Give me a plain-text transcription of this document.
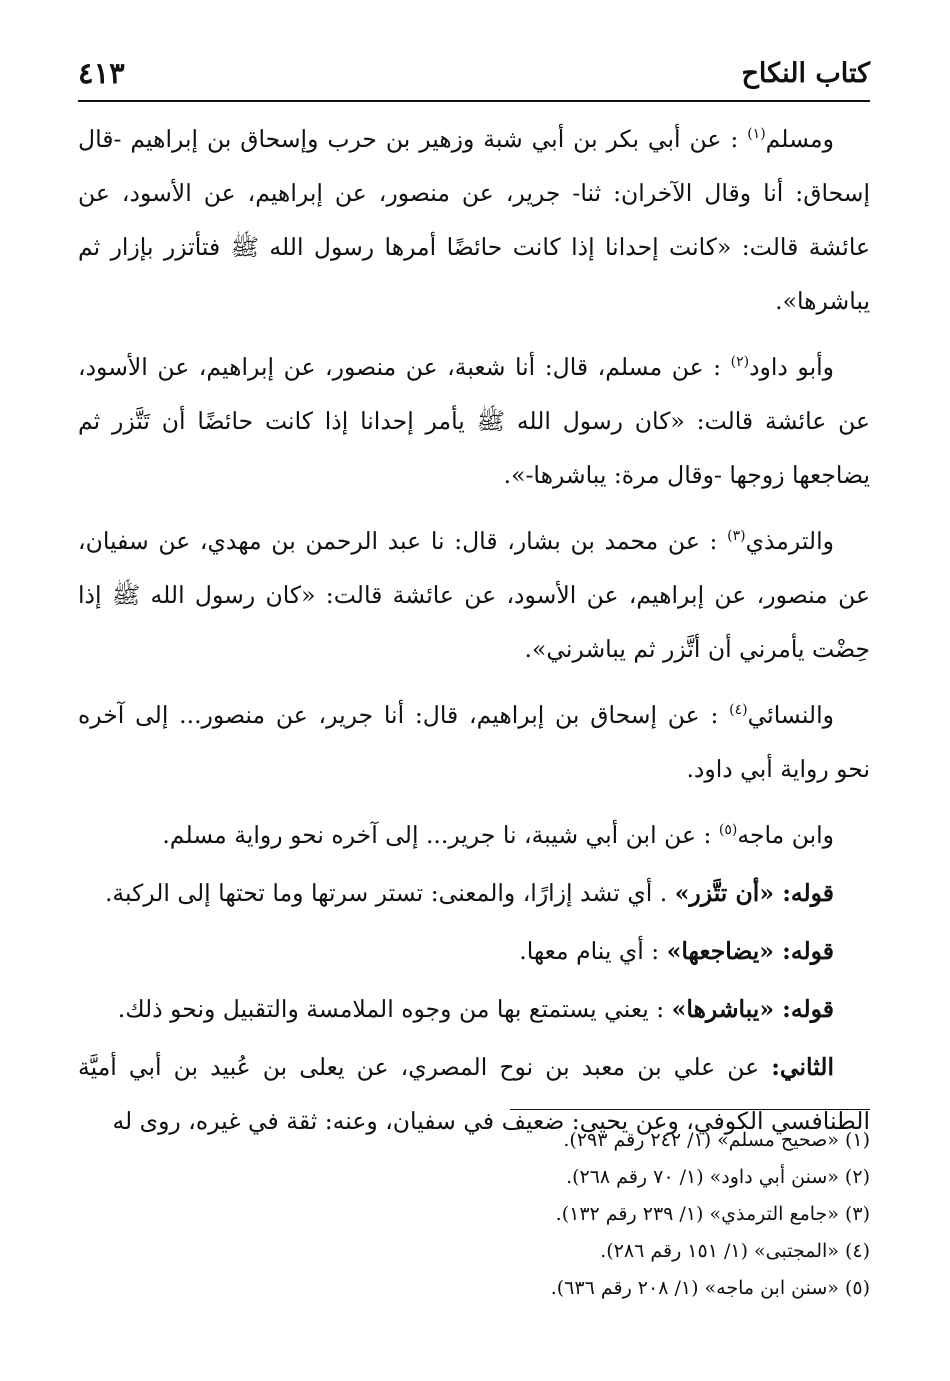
كتاب النكاح
٤١٣

ومسلم$^{(١)}$ : عن أبي بكر بن أبي شبة وزهير بن حرب وإسحاق بن إبراهيم -قال إسحاق: أنا وقال الآخران: ثنا- جرير، عن منصور، عن إبراهيم، عن الأسود، عن عائشة قالت: «كانت إحدانا إذا كانت حائضًا أمرها رسول الله ﷺ فتأتزر بإزار ثم يباشرها».

وأبو داود$^{(٢)}$ : عن مسلم، قال: أنا شعبة، عن منصور، عن إبراهيم، عن الأسود، عن عائشة قالت: «كان رسول الله ﷺ يأمر إحدانا إذا كانت حائضًا أن تَتَّزر ثم يضاجعها زوجها -وقال مرة: يباشرها-».

والترمذي$^{(٣)}$ : عن محمد بن بشار، قال: نا عبد الرحمن بن مهدي، عن سفيان، عن منصور، عن إبراهيم، عن الأسود، عن عائشة قالت: «كان رسول الله ﷺ إذا حِضْت يأمرني أن أتَّزر ثم يباشرني».

والنسائي$^{(٤)}$ : عن إسحاق بن إبراهيم، قال: أنا جرير، عن منصور... إلى آخره نحو رواية أبي داود.

وابن ماجه$^{(٥)}$ : عن ابن أبي شيبة، نا جرير... إلى آخره نحو رواية مسلم.

قوله: «أن تتَّزر» . أي تشد إزارًا، والمعنى: تستر سرتها وما تحتها إلى الركبة.

قوله: «يضاجعها» : أي ينام معها.

قوله: «يباشرها» : يعني يستمتع بها من وجوه الملامسة والتقبيل ونحو ذلك.

الثاني: عن علي بن معبد بن نوح المصري، عن يعلى بن عُبيد بن أبي أميَّة الطنافسي الكوفي، وعن يحيى: ضعيف في سفيان، وعنه: ثقة في غيره، روى له

(١) «صحيح مسلم» (١/ ٢٤٢ رقم ٢٩٣).
(٢) «سنن أبي داود» (١/ ٧٠ رقم ٢٦٨).
(٣) «جامع الترمذي» (١/ ٢٣٩ رقم ١٣٢).
(٤) «المجتبى» (١/ ١٥١ رقم ٢٨٦).
(٥) «سنن ابن ماجه» (١/ ٢٠٨ رقم ٦٣٦).
